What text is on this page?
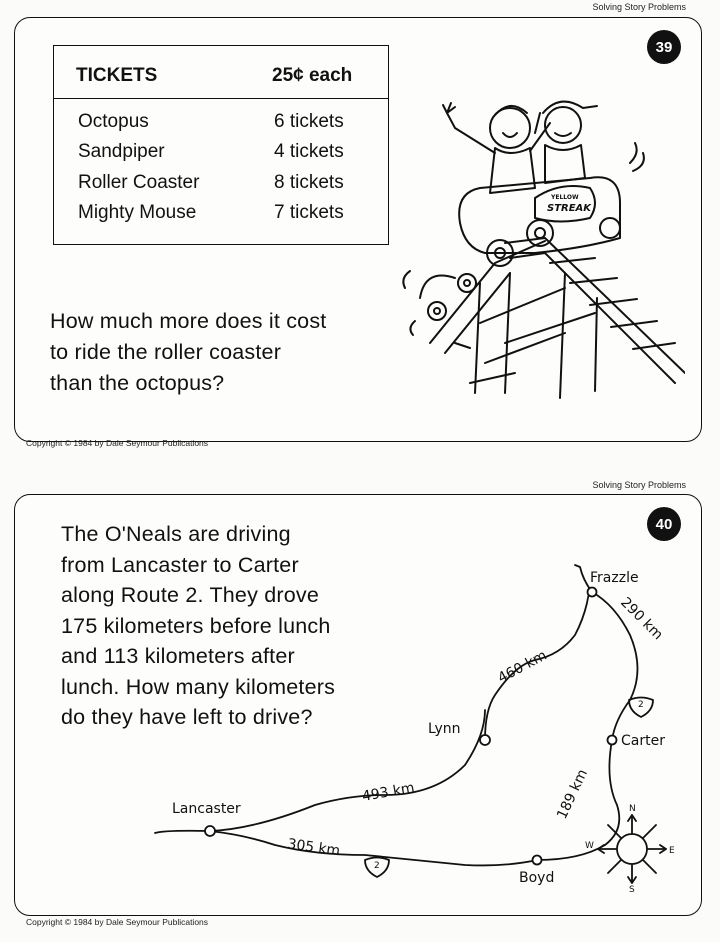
Solving Story Problems
39
TICKETS	25¢ each
Octopus	6 tickets
Sandpiper	4 tickets
Roller Coaster	8 tickets
Mighty Mouse	7 tickets
How much more does it cost
to ride the roller coaster
than the octopus?
YELLOW
STREAK
Copyright © 1984 by Dale Seymour Publications
Solving Story Problems
40
The O'Neals are driving
from Lancaster to Carter
along Route 2. They drove
175 kilometers before lunch
and 113 kilometers after
lunch. How many kilometers
do they have left to drive?
Frazzle
Lynn
Carter
Lancaster
Boyd
290 km
460 km
493 km	189 km
305 km
2
2
N
S
E
W
Copyright © 1984 by Dale Seymour Publications
